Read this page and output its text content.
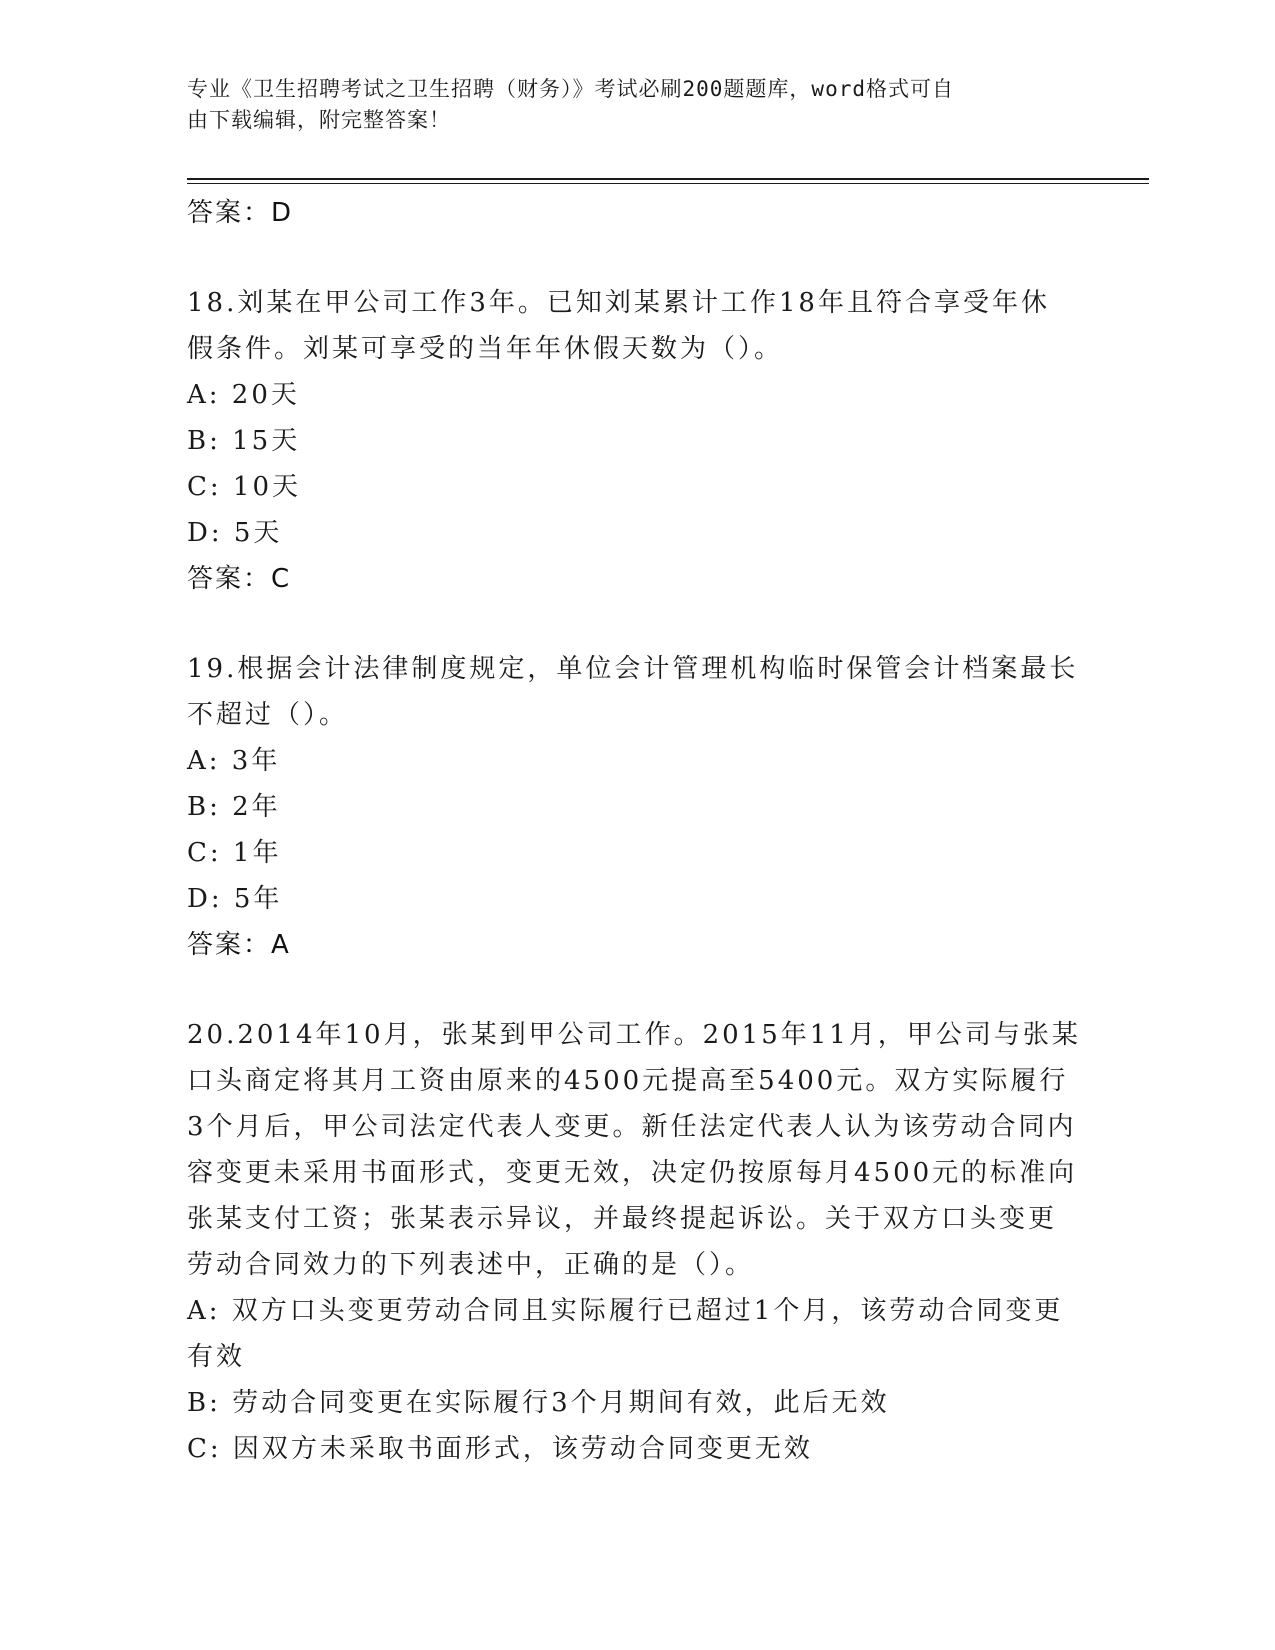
专业《卫生招聘考试之卫生招聘（财务）》考试必刷200题题库，word格式可自
由下载编辑，附完整答案！
答案：D
18.刘某在甲公司工作3年。已知刘某累计工作18年且符合享受年休
假条件。刘某可享受的当年年休假天数为（）。
A: 20天
B: 15天
C: 10天
D: 5天
答案：C
19.根据会计法律制度规定，单位会计管理机构临时保管会计档案最长
不超过（）。
A: 3年
B: 2年
C: 1年
D: 5年
答案：A
20.2014年10月，张某到甲公司工作。2015年11月，甲公司与张某
口头商定将其月工资由原来的4500元提高至5400元。双方实际履行
3个月后，甲公司法定代表人变更。新任法定代表人认为该劳动合同内
容变更未采用书面形式，变更无效，决定仍按原每月4500元的标准向
张某支付工资；张某表示异议，并最终提起诉讼。关于双方口头变更
劳动合同效力的下列表述中，正确的是（）。
A: 双方口头变更劳动合同且实际履行已超过1个月，该劳动合同变更
有效
B: 劳动合同变更在实际履行3个月期间有效，此后无效
C: 因双方未采取书面形式，该劳动合同变更无效
